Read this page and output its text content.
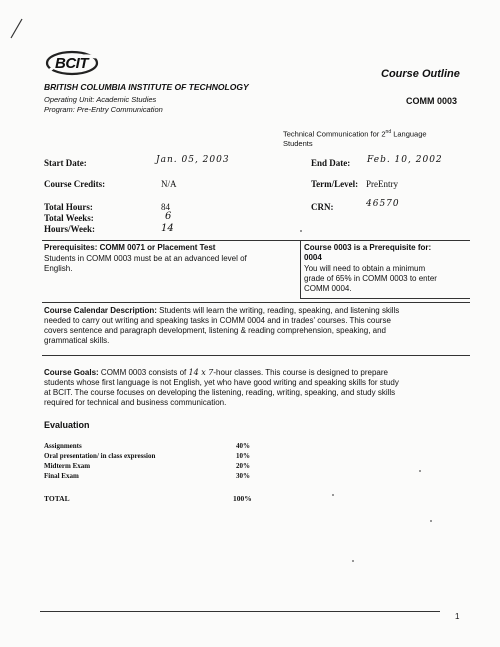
BCIT
BRITISH COLUMBIA INSTITUTE OF TECHNOLOGY
Operating Unit: Academic Studies
Program: Pre-Entry Communication
Course Outline
COMM 0003
Technical Communication for 2nd Language
Students
Start Date:	Jan. 05, 2003	End Date: Feb. 10, 2002
Course Credits:	N/A	Term/Level: PreEntry
Total Hours:	84	CRN:	46570
Total Weeks:	6
Hours/Week:	14
Prerequisites: COMM 0071 or Placement Test
Students in COMM 0003 must be at an advanced level of
English.
Course 0003 is a Prerequisite for:
0004
You will need to obtain a minimum
grade of 65% in COMM 0003 to enter
COMM 0004.
Course Calendar Description: Students will learn the writing, reading, speaking, and listening skills
needed to carry out writing and speaking tasks in COMM 0004 and in trades' courses. This course
covers sentence and paragraph development, listening & reading comprehension, speaking, and
grammatical skills.
Course Goals: COMM 0003 consists of 14 x 7-hour classes. This course is designed to prepare
students whose first language is not English, yet who have good writing and speaking skills for study
at BCIT. The course focuses on developing the listening, reading, writing, speaking, and study skills
required for technical and business communication.
Evaluation
Assignments	40%
Oral presentation/ in class expression	10%
Midterm Exam	20%
Final Exam	30%
TOTAL	100%
1
